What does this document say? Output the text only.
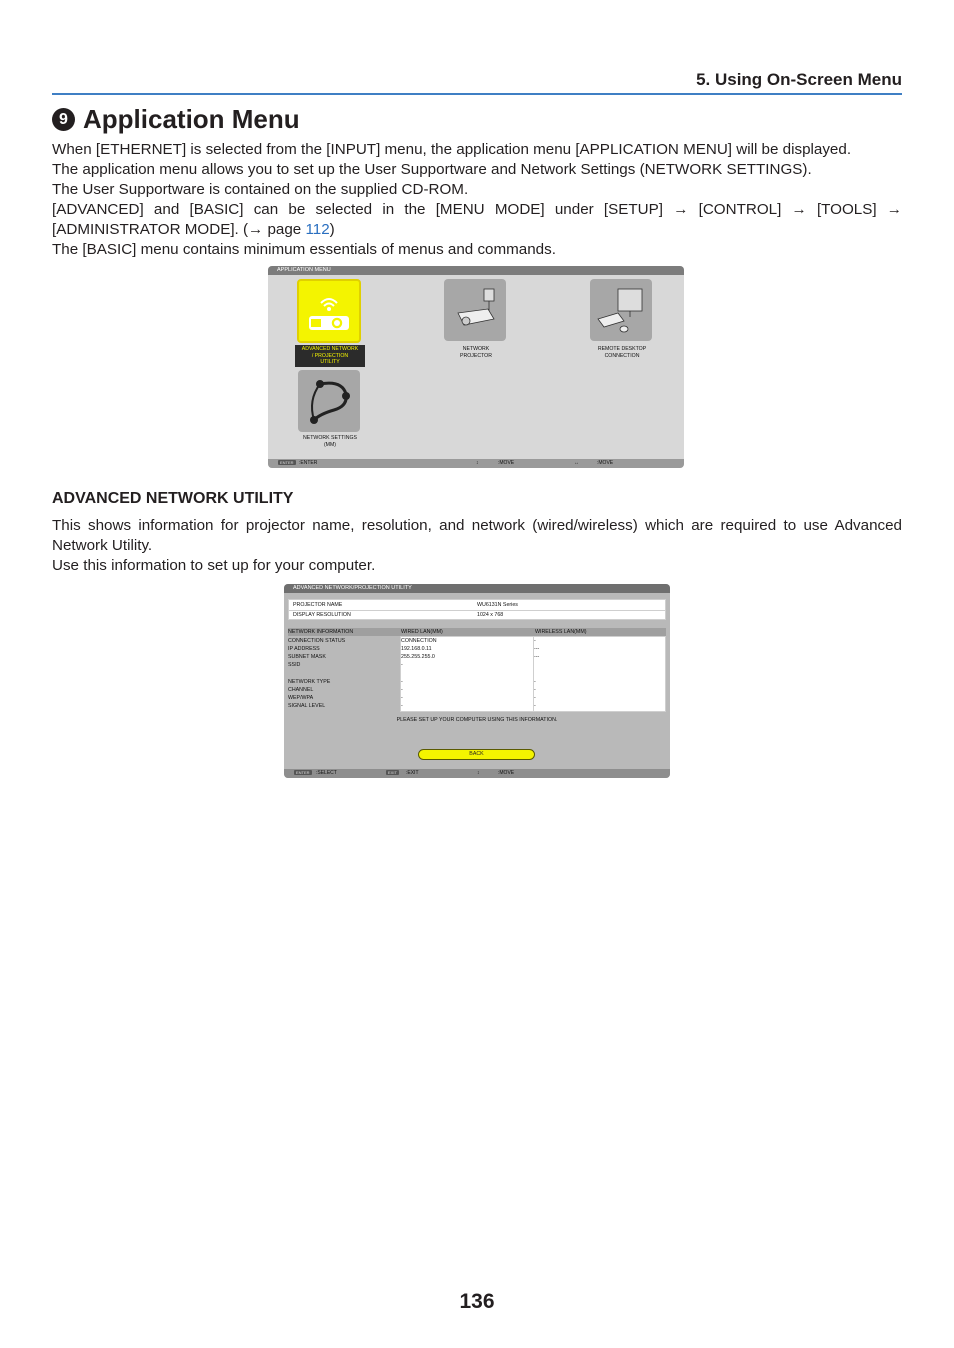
5. Using On-Screen Menu
9 Application Menu

When [ETHERNET] is selected from the [INPUT] menu, the application menu [APPLICATION MENU] will be displayed.

The application menu allows you to set up the User Supportware and Network Settings (NETWORK SETTINGS).

The User Supportware is contained on the supplied CD-ROM.

[ADVANCED] and [BASIC] can be selected in the [MENU MODE] under [SETUP] → [CONTROL] → [TOOLS] → [ADMINISTRATOR MODE]. (→ page 112)

The [BASIC] menu contains minimum essentials of menus and commands.

APPLICATION MENU
ADVANCED NETWORK
/ PROJECTION
UTILITY
NETWORK
PROJECTOR
REMOTE DESKTOP
CONNECTION
NETWORK SETTINGS
(MM)
ENTER	:ENTER	↕	:MOVE	↔	:MOVE
ADVANCED NETWORK UTILITY

This shows information for projector name, resolution, and network (wired/wireless) which are required to use Advanced Network Utility.

Use this information to set up for your computer.

ADVANCED NETWORK/PROJECTION UTILITY
PROJECTOR NAME	WU6131N Series
DISPLAY RESOLUTION	1024 x 768
NETWORK INFORMATION	WIRED LAN(MM)	WIRELESS LAN(MM)
CONNECTION STATUS	CONNECTION	-
IP ADDRESS	192.168.0.11	---
SUBNET MASK	255.255.255.0	---
SSID	-
NETWORK TYPE	-	-
CHANNEL	-	-
WEP/WPA	-	-
SIGNAL LEVEL	-	-
PLEASE SET UP YOUR COMPUTER USING THIS INFORMATION.
BACK
ENTER	:SELECT	EXIT	:EXIT	↕	:MOVE
136
